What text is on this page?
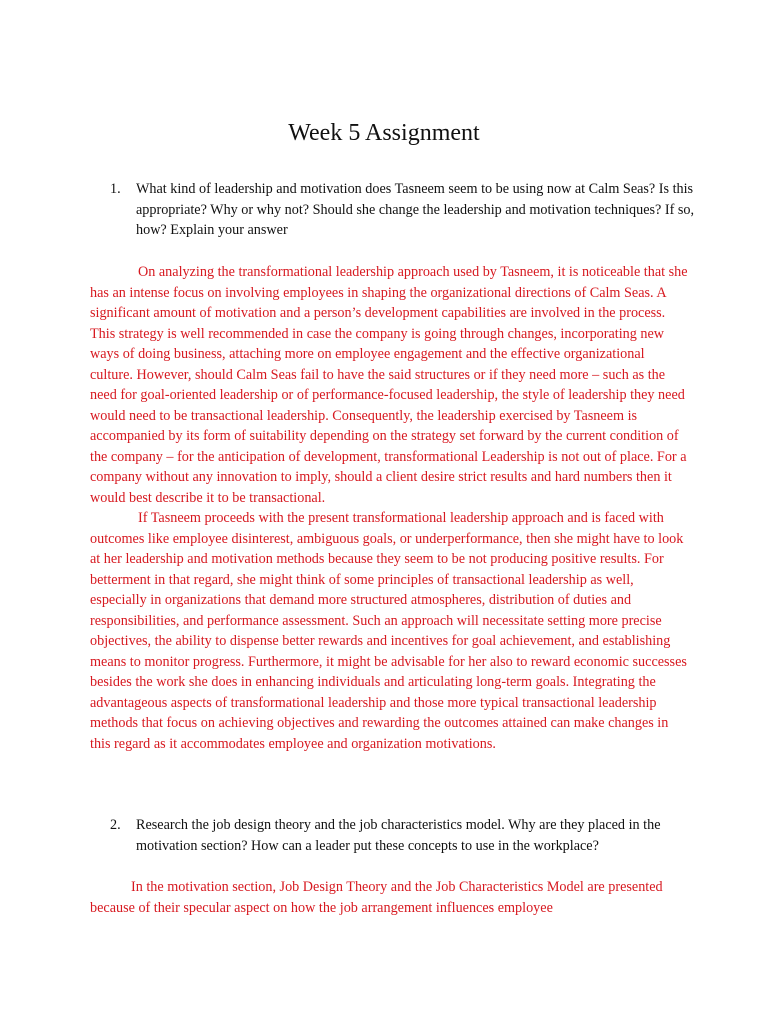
Week 5 Assignment
1. What kind of leadership and motivation does Tasneem seem to be using now at Calm Seas? Is this appropriate? Why or why not? Should she change the leadership and motivation techniques? If so, how? Explain your answer

On analyzing the transformational leadership approach used by Tasneem, it is noticeable that she has an intense focus on involving employees in shaping the organizational directions of Calm Seas. A significant amount of motivation and a person’s development capabilities are involved in the process. This strategy is well recommended in case the company is going through changes, incorporating new ways of doing business, attaching more on employee engagement and the effective organizational culture. However, should Calm Seas fail to have the said structures or if they need more – such as the need for goal-oriented leadership or of performance-focused leadership, the style of leadership they need would need to be transactional leadership. Consequently, the leadership exercised by Tasneem is accompanied by its form of suitability depending on the strategy set forward by the current condition of the company – for the anticipation of development, transformational Leadership is not out of place. For a company without any innovation to imply, should a client desire strict results and hard numbers then it would best describe it to be transactional.

If Tasneem proceeds with the present transformational leadership approach and is faced with outcomes like employee disinterest, ambiguous goals, or underperformance, then she might have to look at her leadership and motivation methods because they seem to be not producing positive results. For betterment in that regard, she might think of some principles of transactional leadership as well, especially in organizations that demand more structured atmospheres, distribution of duties and responsibilities, and performance assessment. Such an approach will necessitate setting more precise objectives, the ability to dispense better rewards and incentives for goal achievement, and establishing means to monitor progress. Furthermore, it might be advisable for her also to reward economic successes besides the work she does in enhancing individuals and articulating long-term goals. Integrating the advantageous aspects of transformational leadership and those more typical transactional leadership methods that focus on achieving objectives and rewarding the outcomes attained can make changes in this regard as it accommodates employee and organization motivations.

2. Research the job design theory and the job characteristics model. Why are they placed in the motivation section? How can a leader put these concepts to use in the workplace?

In the motivation section, Job Design Theory and the Job Characteristics Model are presented because of their specular aspect on how the job arrangement influences employee
